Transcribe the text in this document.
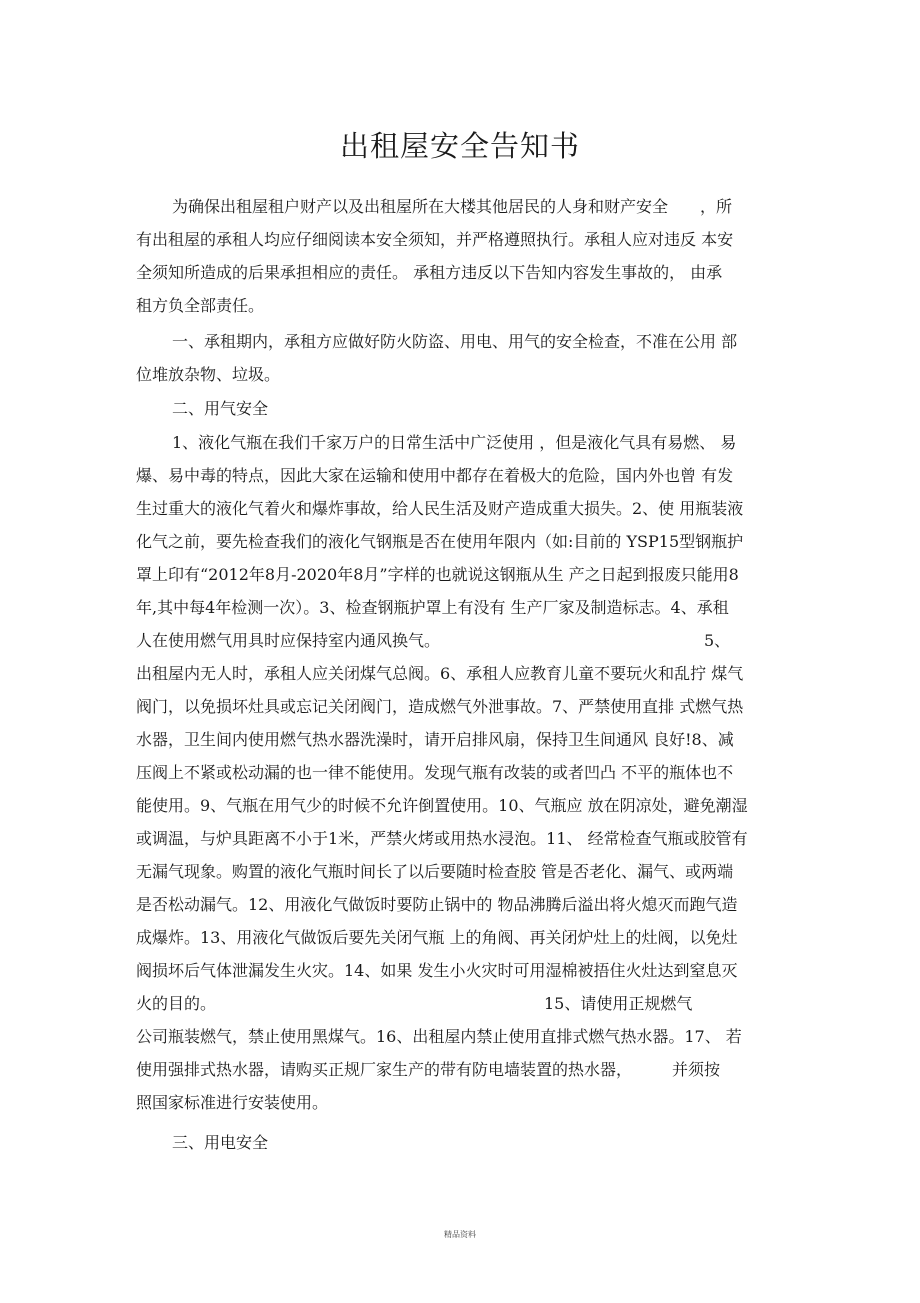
出租屋安全告知书
为确保出租屋租户财产以及出租屋所在大楼其他居民的人身和财产安全　　，所
有出租屋的承租人均应仔细阅读本安全须知，并严格遵照执行。承租人应对违反 本安
全须知所造成的后果承担相应的责任。 承租方违反以下告知内容发生事故的， 由承
租方负全部责任。
一、承租期内，承租方应做好防火防盗、用电、用气的安全检查，不准在公用 部
位堆放杂物、垃圾。
二、用气安全
1、液化气瓶在我们千家万户的日常生活中广泛使用 ，但是液化气具有易燃、 易
爆、易中毒的特点，因此大家在运输和使用中都存在着极大的危险，国内外也曾 有发
生过重大的液化气着火和爆炸事故，给人民生活及财产造成重大损失。2、使 用瓶装液
化气之前，要先检查我们的液化气钢瓶是否在使用年限内（如:目前的 YSP15型钢瓶护
罩上印有“2012年8月-2020年8月”字样的也就说这钢瓶从生 产之日起到报废只能用8
年,其中每4年检测一次）。3、检查钢瓶护罩上有没有 生产厂家及制造标志。4、承租
人在使用燃气用具时应保持室内通风换气。　　　　　　　　　　　　　　　　　5、
出租屋内无人时，承租人应关闭煤气总阀。6、承租人应教育儿童不要玩火和乱拧 煤气
阀门，以免损坏灶具或忘记关闭阀门，造成燃气外泄事故。7、严禁使用直排 式燃气热
水器，卫生间内使用燃气热水器洗澡时，请开启排风扇，保持卫生间通风 良好!8、减
压阀上不紧或松动漏的也一律不能使用。发现气瓶有改装的或者凹凸 不平的瓶体也不
能使用。9、气瓶在用气少的时候不允许倒置使用。10、气瓶应 放在阴凉处，避免潮湿
或调温，与炉具距离不小于1米，严禁火烤或用热水浸泡。11、 经常检查气瓶或胶管有
无漏气现象。购置的液化气瓶时间长了以后要随时检查胶 管是否老化、漏气、或两端
是否松动漏气。12、用液化气做饭时要防止锅中的 物品沸腾后溢出将火熄灭而跑气造
成爆炸。13、用液化气做饭后要先关闭气瓶 上的角阀、再关闭炉灶上的灶阀，以免灶
阀损坏后气体泄漏发生火灾。14、如果 发生小火灾时可用湿棉被捂住火灶达到窒息灭
火的目的。　　　　　　　　　　　　　　　　　　　　　15、请使用正规燃气
公司瓶装燃气，禁止使用黑煤气。16、出租屋内禁止使用直排式燃气热水器。17、 若
使用强排式热水器，请购买正规厂家生产的带有防电墙装置的热水器，　　　并须按
照国家标准进行安装使用。
三、用电安全
精品资料
